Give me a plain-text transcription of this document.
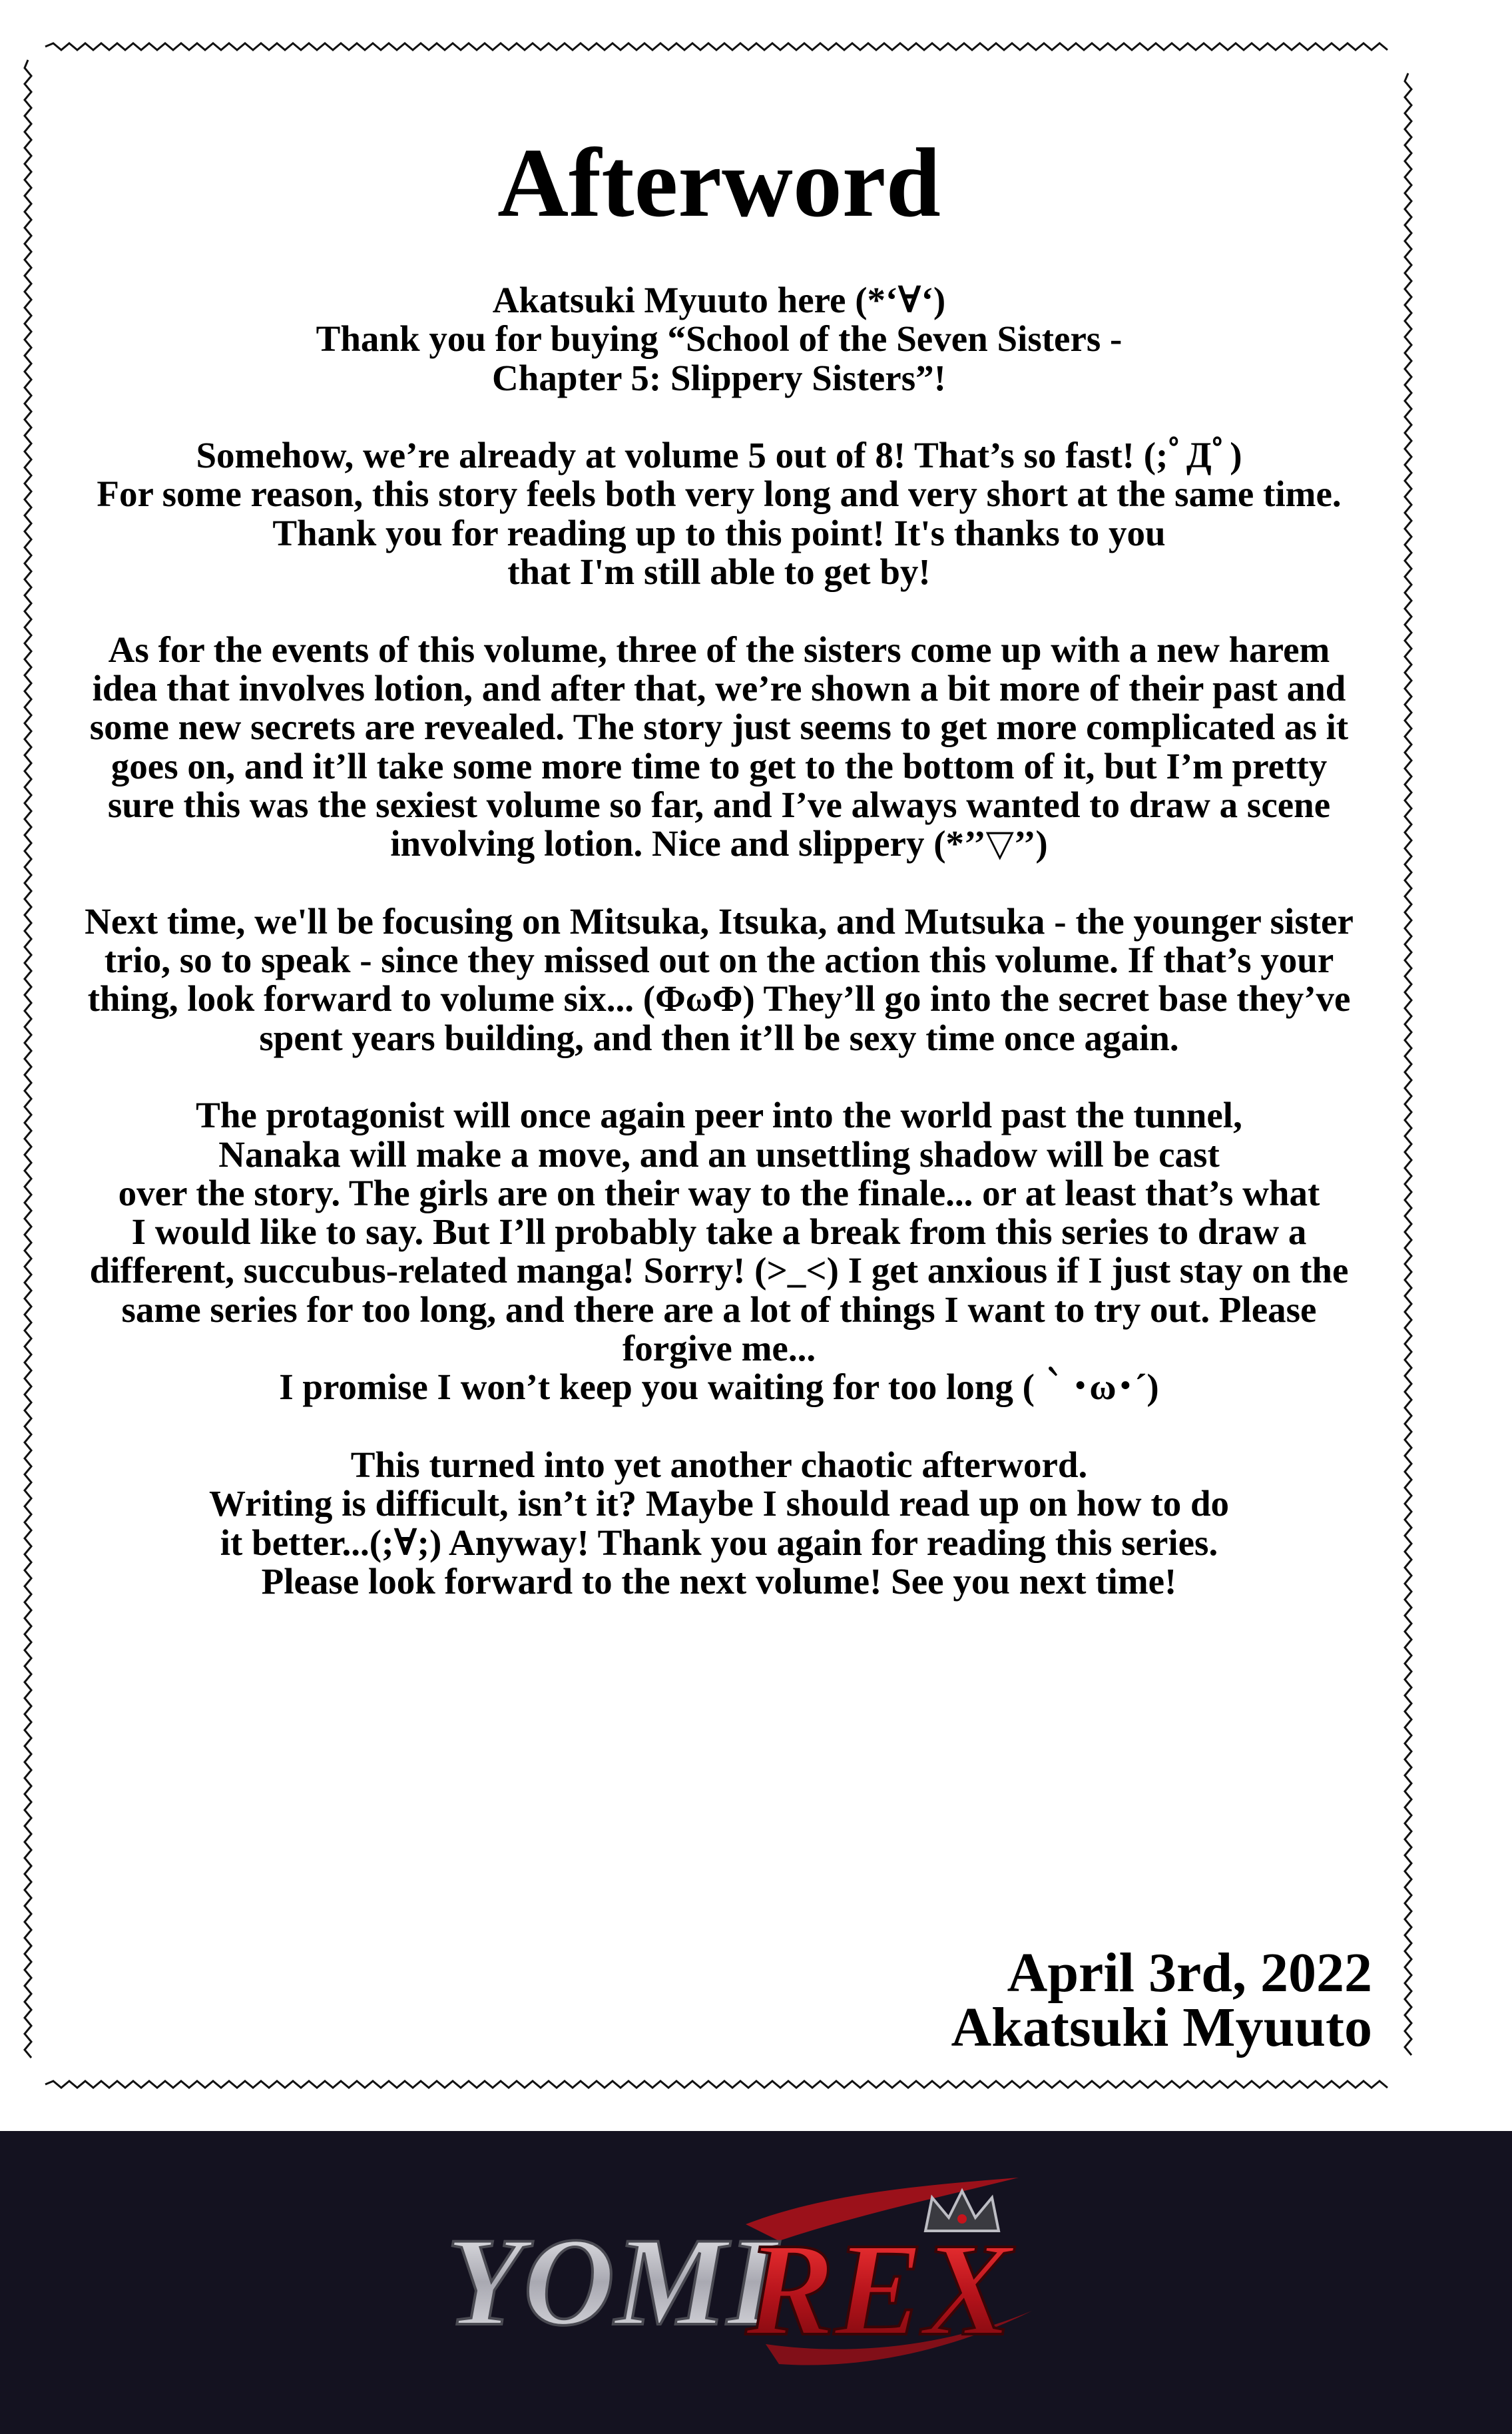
Afterword
Akatsuki Myuuto here (*‘∀‘)
Thank you for buying “School of the Seven Sisters -
Chapter 5: Slippery Sisters”!
Somehow, we’re already at volume 5 out of 8! That’s so fast! (;ﾟДﾟ)
For some reason, this story feels both very long and very short at the same time.
Thank you for reading up to this point! It's thanks to you
that I'm still able to get by!
As for the events of this volume, three of the sisters come up with a new harem
idea that involves lotion, and after that, we’re shown a bit more of their past and
some new secrets are revealed. The story just seems to get more complicated as it
goes on, and it’ll take some more time to get to the bottom of it, but I’m pretty
sure this was the sexiest volume so far, and I’ve always wanted to draw a scene
involving lotion. Nice and slippery (*’’▽’’)
Next time, we'll be focusing on Mitsuka, Itsuka, and Mutsuka - the younger sister
trio, so to speak - since they missed out on the action this volume. If that’s your
thing, look forward to volume six... (ΦωΦ) They’ll go into the secret base they’ve
spent years building, and then it’ll be sexy time once again.
The protagonist will once again peer into the world past the tunnel,
Nanaka will make a move, and an unsettling shadow will be cast
over the story. The girls are on their way to the finale... or at least that’s what
I would like to say. But I’ll probably take a break from this series to draw a
different, succubus-related manga! Sorry! (>_<) I get anxious if I just stay on the
same series for too long, and there are a lot of things I want to try out. Please
forgive me...
I promise I won’t keep you waiting for too long (｀･ω･´)
This turned into yet another chaotic afterword.
Writing is difficult, isn’t it? Maybe I should read up on how to do
it better...(;∀;) Anyway! Thank you again for reading this series.
Please look forward to the next volume! See you next time!
April 3rd, 2022
Akatsuki Myuuto
YOMI
REX
